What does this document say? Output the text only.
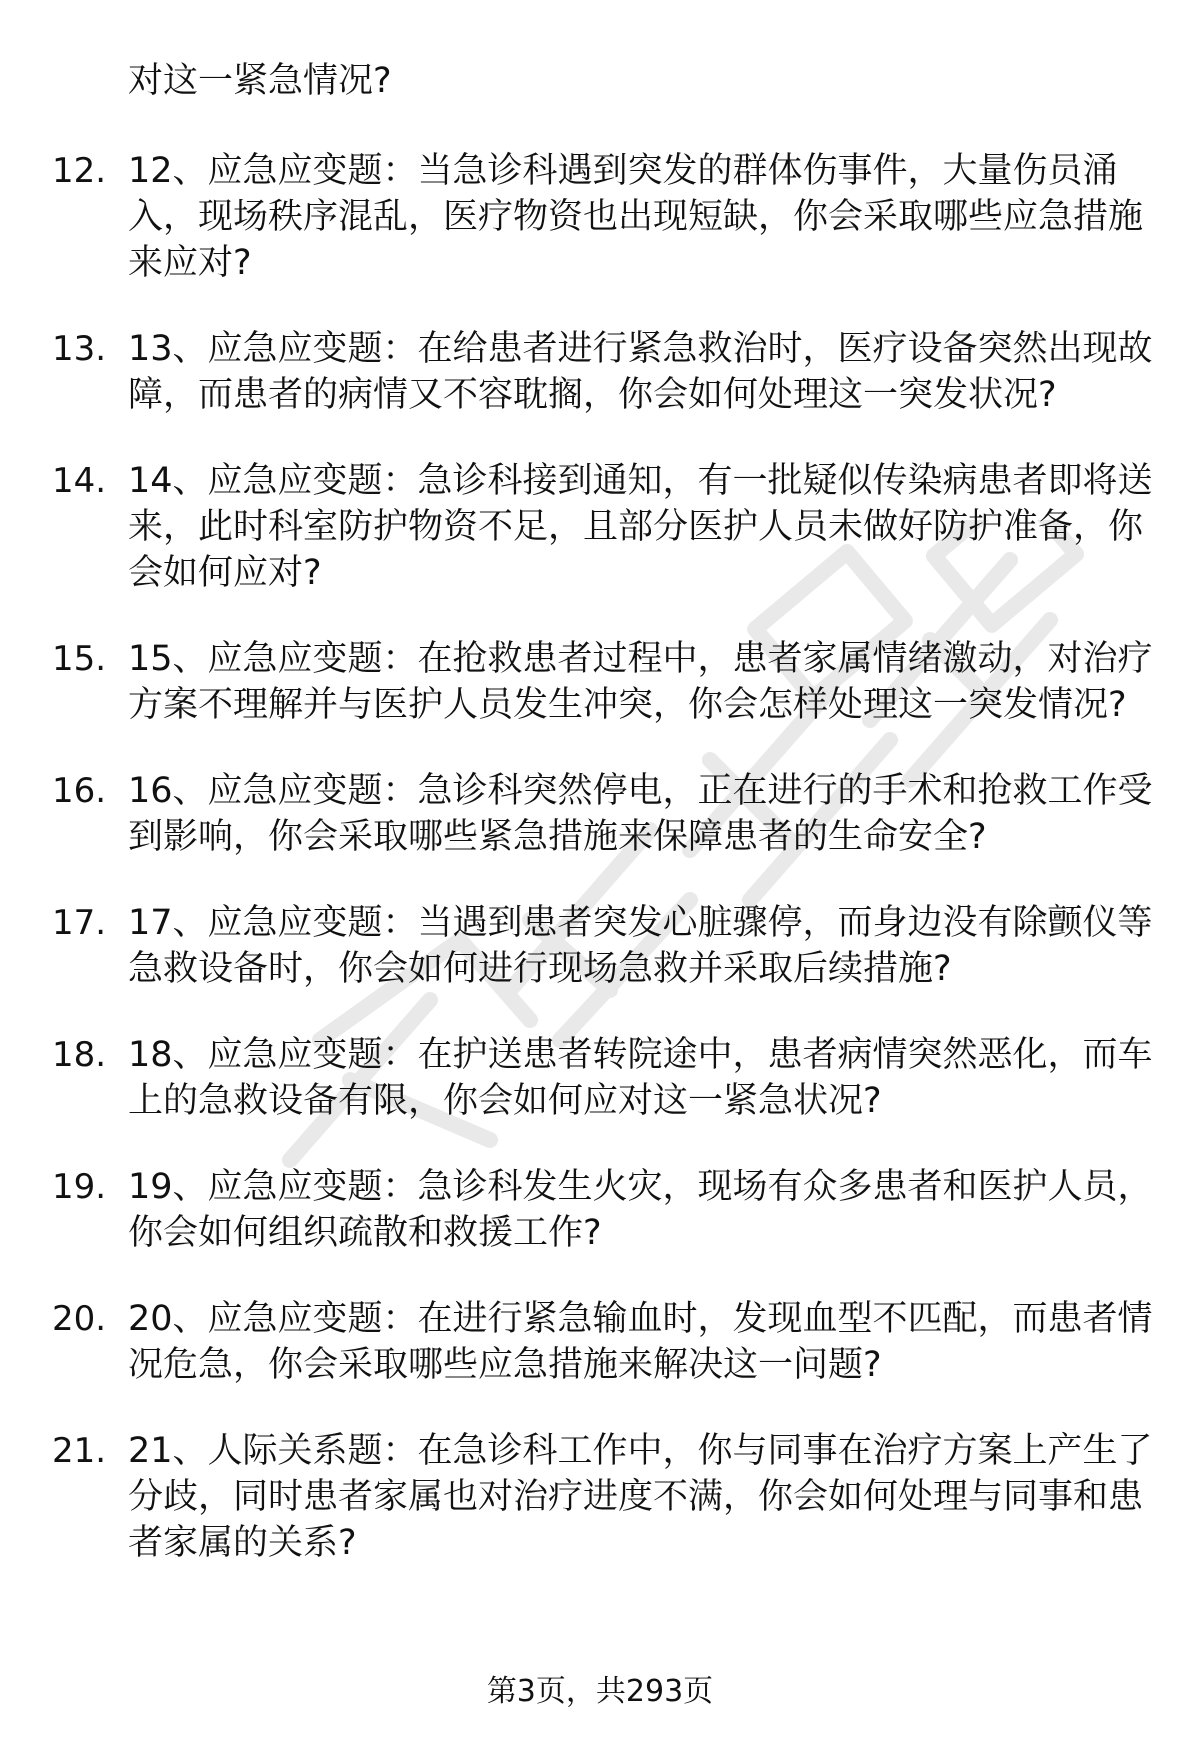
对这一紧急情况?
12. 12、应急应变题：当急诊科遇到突发的群体伤事件，大量伤员涌入，现场秩序混乱，医疗物资也出现短缺，你会采取哪些应急措施来应对?
13. 13、应急应变题：在给患者进行紧急救治时，医疗设备突然出现故障，而患者的病情又不容耽搁，你会如何处理这一突发状况?
14. 14、应急应变题：急诊科接到通知，有一批疑似传染病患者即将送来，此时科室防护物资不足，且部分医护人员未做好防护准备，你会如何应对?
15. 15、应急应变题：在抢救患者过程中，患者家属情绪激动，对治疗方案不理解并与医护人员发生冲突，你会怎样处理这一突发情况?
16. 16、应急应变题：急诊科突然停电，正在进行的手术和抢救工作受到影响，你会采取哪些紧急措施来保障患者的生命安全?
17. 17、应急应变题：当遇到患者突发心脏骤停，而身边没有除颤仪等急救设备时，你会如何进行现场急救并采取后续措施?
18. 18、应急应变题：在护送患者转院途中，患者病情突然恶化，而车上的急救设备有限，你会如何应对这一紧急状况?
19. 19、应急应变题：急诊科发生火灾，现场有众多患者和医护人员，你会如何组织疏散和救援工作?
20. 20、应急应变题：在进行紧急输血时，发现血型不匹配，而患者情况危急，你会采取哪些应急措施来解决这一问题?
21. 21、人际关系题：在急诊科工作中，你与同事在治疗方案上产生了分歧，同时患者家属也对治疗进度不满，你会如何处理与同事和患者家属的关系?
第3页，共293页
